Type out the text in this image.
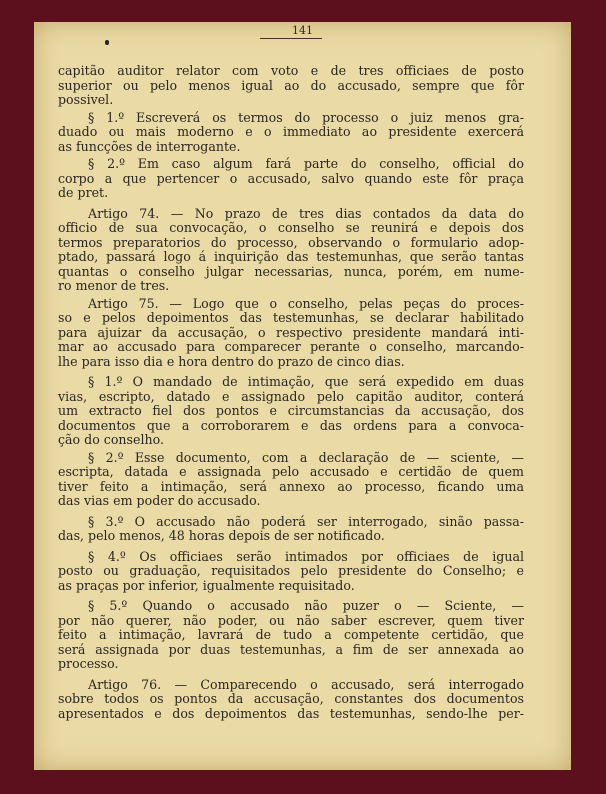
141
capitão auditor relator com voto e de tres officiaes de posto
superior ou pelo menos igual ao do accusado, sempre que fôr
possivel.
§ 1.º Escreverá os termos do processo o juiz menos gra-
duado ou mais moderno e o immediato ao presidente exercerá
as funcções de interrogante.
§ 2.º Em caso algum fará parte do conselho, official do
corpo a que pertencer o accusado, salvo quando este fôr praça
de pret.
Artigo 74. — No prazo de tres dias contados da data do
officio de sua convocação, o conselho se reunirá e depois dos
termos preparatorios do processo, observando o formulario adop-
ptado, passará logo á inquirição das testemunhas, que serão tantas
quantas o conselho julgar necessarias, nunca, porém, em nume-
ro menor de tres.
Artigo 75. — Logo que o conselho, pelas peças do proces-
so e pelos depoimentos das testemunhas, se declarar habilitado
para ajuizar da accusação, o respectivo presidente mandará inti-
mar ao accusado para comparecer perante o conselho, marcando-
lhe para isso dia e hora dentro do prazo de cinco dias.
§ 1.º O mandado de intimação, que será expedido em duas
vias, escripto, datado e assignado pelo capitão auditor, conterá
um extracto fiel dos pontos e circumstancias da accusação, dos
documentos que a corroborarem e das ordens para a convoca-
ção do conselho.
§ 2.º Esse documento, com a declaração de — sciente, —
escripta, datada e assignada pelo accusado e certidão de quem
tiver feito a intimação, será annexo ao processo, ficando uma
das vias em poder do accusado.
§ 3.º O accusado não poderá ser interrogado, sinão passa-
das, pelo menos, 48 horas depois de ser notificado.
§ 4.º Os officiaes serão intimados por officiaes de igual
posto ou graduação, requisitados pelo presidente do Conselho; e
as praças por inferior, igualmente requisitado.
§ 5.º Quando o accusado não puzer o — Sciente, —
por não querer, não poder, ou não saber escrever, quem tiver
feito a intimação, lavrará de tudo a competente certidão, que
será assignada por duas testemunhas, a fim de ser annexada ao
processo.
Artigo 76. — Comparecendo o accusado, será interrogado
sobre todos os pontos da accusação, constantes dos documentos
apresentados e dos depoimentos das testemunhas, sendo-lhe per-
